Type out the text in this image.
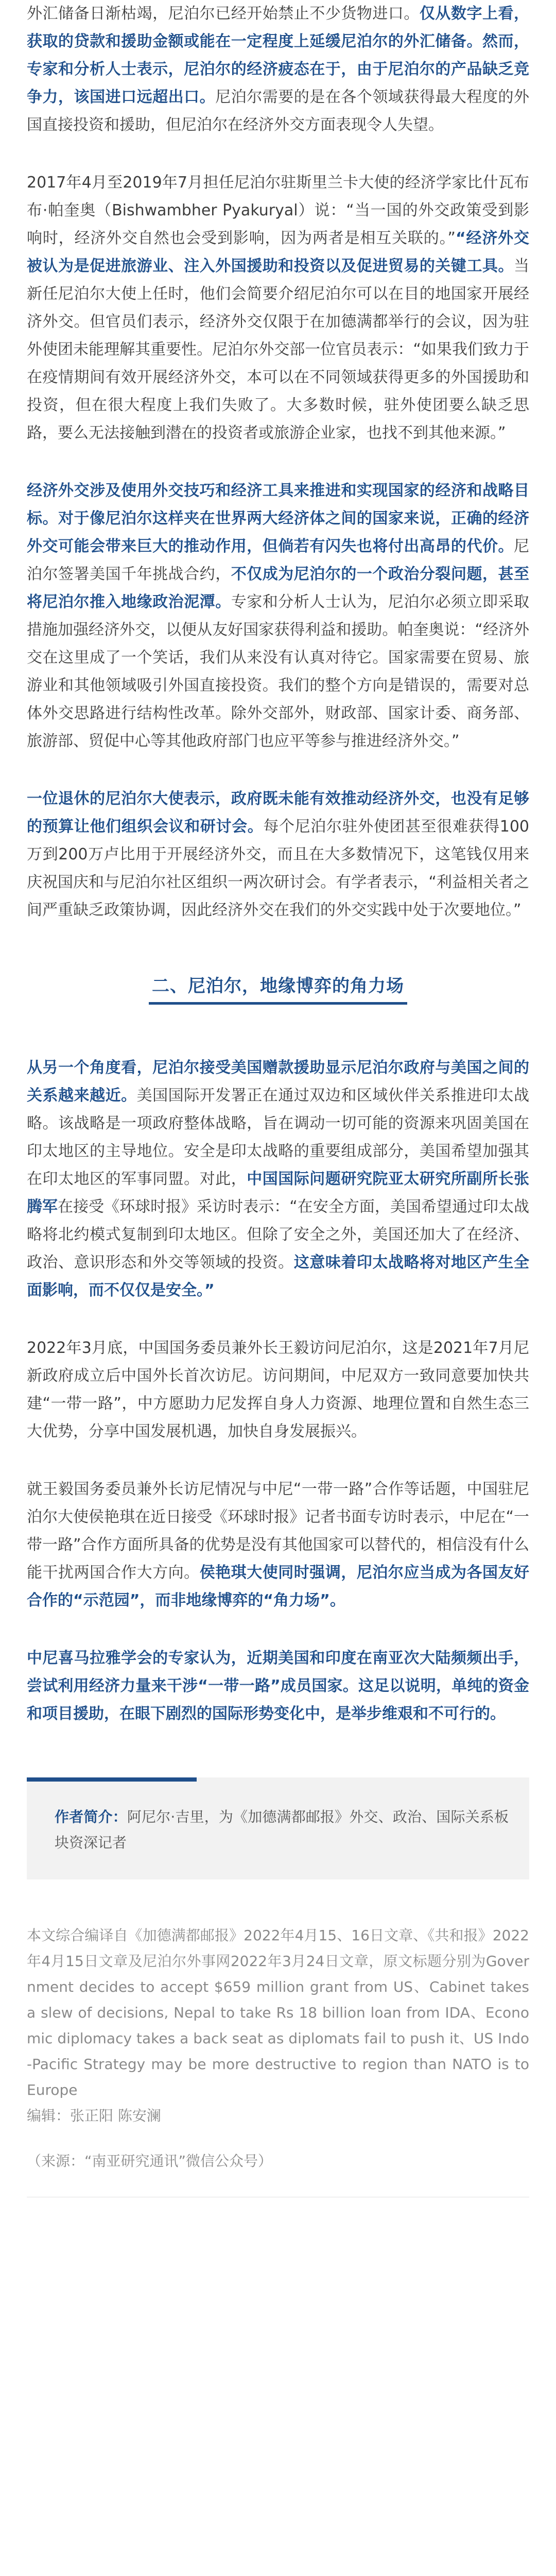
外汇储备日渐枯竭，尼泊尔已经开始禁止不少货物进口。仅从数字上看，获取的贷款和援助金额或能在一定程度上延缓尼泊尔的外汇储备。然而，专家和分析人士表示，尼泊尔的经济疲态在于，由于尼泊尔的产品缺乏竞争力，该国进口远超出口。尼泊尔需要的是在各个领域获得最大程度的外国直接投资和援助，但尼泊尔在经济外交方面表现令人失望。

2017年4月至2019年7月担任尼泊尔驻斯里兰卡大使的经济学家比什瓦布布·帕奎奥（Bishwambher Pyakuryal）说：“当一国的外交政策受到影响时，经济外交自然也会受到影响，因为两者是相互关联的。”“经济外交被认为是促进旅游业、注入外国援助和投资以及促进贸易的关键工具。当新任尼泊尔大使上任时，他们会简要介绍尼泊尔可以在目的地国家开展经济外交。但官员们表示，经济外交仅限于在加德满都举行的会议，因为驻外使团未能理解其重要性。尼泊尔外交部一位官员表示：“如果我们致力于在疫情期间有效开展经济外交，本可以在不同领域获得更多的外国援助和投资，但在很大程度上我们失败了。大多数时候，驻外使团要么缺乏思路，要么无法接触到潜在的投资者或旅游企业家，也找不到其他来源。”

经济外交涉及使用外交技巧和经济工具来推进和实现国家的经济和战略目标。对于像尼泊尔这样夹在世界两大经济体之间的国家来说，正确的经济外交可能会带来巨大的推动作用，但倘若有闪失也将付出高昂的代价。尼泊尔签署美国千年挑战合约，不仅成为尼泊尔的一个政治分裂问题，甚至将尼泊尔推入地缘政治泥潭。专家和分析人士认为，尼泊尔必须立即采取措施加强经济外交，以便从友好国家获得利益和援助。帕奎奥说：“经济外交在这里成了一个笑话，我们从来没有认真对待它。国家需要在贸易、旅游业和其他领域吸引外国直接投资。我们的整个方向是错误的，需要对总体外交思路进行结构性改革。除外交部外，财政部、国家计委、商务部、旅游部、贸促中心等其他政府部门也应平等参与推进经济外交。”

一位退休的尼泊尔大使表示，政府既未能有效推动经济外交，也没有足够的预算让他们组织会议和研讨会。每个尼泊尔驻外使团甚至很难获得100万到200万卢比用于开展经济外交，而且在大多数情况下，这笔钱仅用来庆祝国庆和与尼泊尔社区组织一两次研讨会。有学者表示，“利益相关者之间严重缺乏政策协调，因此经济外交在我们的外交实践中处于次要地位。”

二、尼泊尔，地缘博弈的角力场

从另一个角度看，尼泊尔接受美国赠款援助显示尼泊尔政府与美国之间的关系越来越近。美国国际开发署正在通过双边和区域伙伴关系推进印太战略。该战略是一项政府整体战略，旨在调动一切可能的资源来巩固美国在印太地区的主导地位。安全是印太战略的重要组成部分，美国希望加强其在印太地区的军事同盟。对此，中国国际问题研究院亚太研究所副所长张腾军在接受《环球时报》采访时表示：“在安全方面，美国希望通过印太战略将北约模式复制到印太地区。但除了安全之外，美国还加大了在经济、政治、意识形态和外交等领域的投资。这意味着印太战略将对地区产生全面影响，而不仅仅是安全。”

2022年3月底，中国国务委员兼外长王毅访问尼泊尔，这是2021年7月尼新政府成立后中国外长首次访尼。访问期间，中尼双方一致同意要加快共建“一带一路”，中方愿助力尼发挥自身人力资源、地理位置和自然生态三大优势，分享中国发展机遇，加快自身发展振兴。

就王毅国务委员兼外长访尼情况与中尼“一带一路”合作等话题，中国驻尼泊尔大使侯艳琪在近日接受《环球时报》记者书面专访时表示，中尼在“一带一路”合作方面所具备的优势是没有其他国家可以替代的，相信没有什么能干扰两国合作大方向。侯艳琪大使同时强调，尼泊尔应当成为各国友好合作的“示范园”，而非地缘博弈的“角力场”。

中尼喜马拉雅学会的专家认为，近期美国和印度在南亚次大陆频频出手，尝试利用经济力量来干涉“一带一路”成员国家。这足以说明，单纯的资金和项目援助，在眼下剧烈的国际形势变化中，是举步维艰和不可行的。

作者简介：阿尼尔·吉里，为《加德满都邮报》外交、政治、国际关系板块资深记者

本文综合编译自《加德满都邮报》2022年4月15、16日文章、《共和报》2022年4月15日文章及尼泊尔外事网2022年3月24日文章，原文标题分别为Government decides to accept $659 million grant from US、Cabinet takes a slew of decisions, Nepal to take Rs 18 billion loan from IDA、Economic diplomacy takes a back seat as diplomats fail to push it、US Indo-Pacific Strategy may be more destructive to region than NATO is to Europe

编辑：张正阳 陈安澜

（来源：“南亚研究通讯”微信公众号）
